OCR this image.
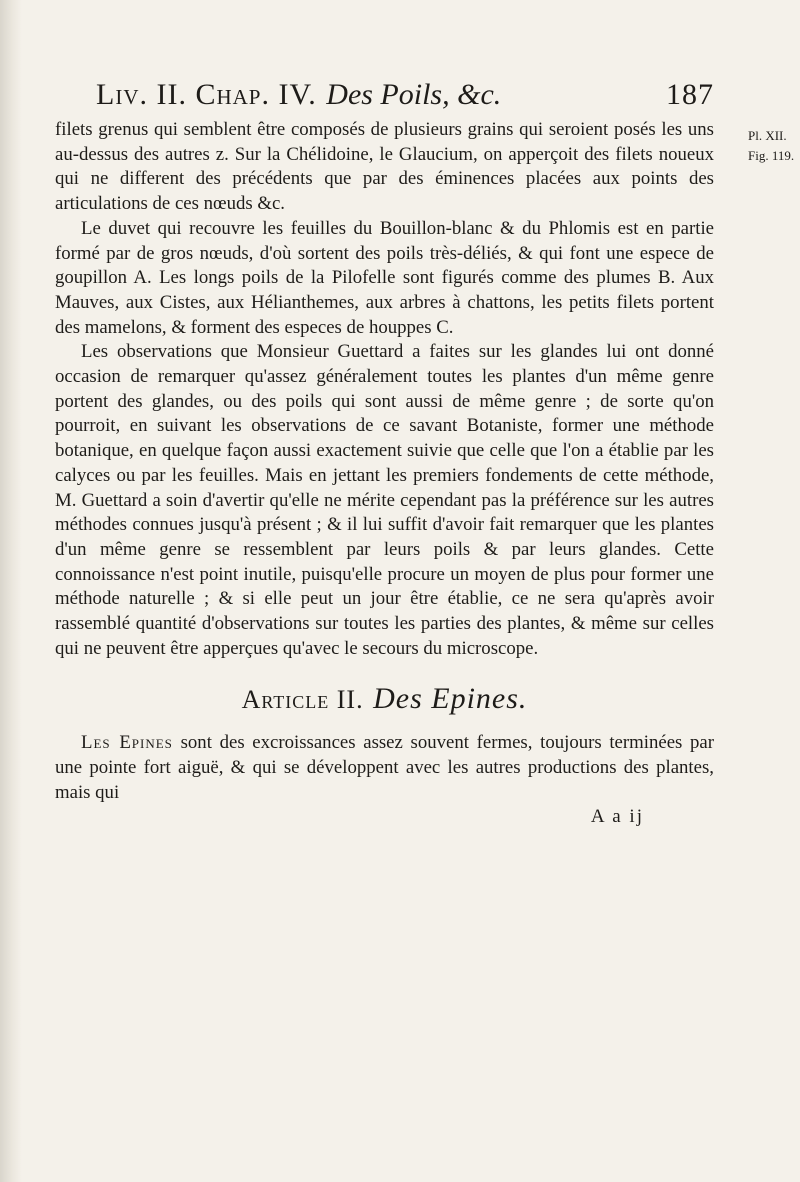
Liv. II. Chap. IV. Des Poils, &c.	187
Pl. XII.
Fig. 119.

filets grenus qui semblent être composés de plusieurs grains qui seroient posés les uns au-dessus des autres z. Sur la Chélidoine, le Glaucium, on apperçoit des filets noueux qui ne different des précédents que par des éminences placées aux points des articulations de ces nœuds &c.

Le duvet qui recouvre les feuilles du Bouillon-blanc & du Phlomis est en partie formé par de gros nœuds, d'où sortent des poils très-déliés, & qui font une espece de goupillon A. Les longs poils de la Pilofelle sont figurés comme des plumes B. Aux Mauves, aux Cistes, aux Hélianthemes, aux arbres à chattons, les petits filets portent des mamelons, & forment des especes de houppes C.

Les observations que Monsieur Guettard a faites sur les glandes lui ont donné occasion de remarquer qu'assez généralement toutes les plantes d'un même genre portent des glandes, ou des poils qui sont aussi de même genre ; de sorte qu'on pourroit, en suivant les observations de ce savant Botaniste, former une méthode botanique, en quelque façon aussi exactement suivie que celle que l'on a établie par les calyces ou par les feuilles. Mais en jettant les premiers fondements de cette méthode, M. Guettard a soin d'avertir qu'elle ne mérite cependant pas la préférence sur les autres méthodes connues jusqu'à présent ; & il lui suffit d'avoir fait remarquer que les plantes d'un même genre se ressemblent par leurs poils & par leurs glandes. Cette connoissance n'est point inutile, puisqu'elle procure un moyen de plus pour former une méthode naturelle ; & si elle peut un jour être établie, ce ne sera qu'après avoir rassemblé quantité d'observations sur toutes les parties des plantes, & même sur celles qui ne peuvent être apperçues qu'avec le secours du microscope.

Article II. Des Epines.

Les Epines sont des excroissances assez souvent fermes, toujours terminées par une pointe fort aiguë, & qui se développent avec les autres productions des plantes, mais qui

A a ij
